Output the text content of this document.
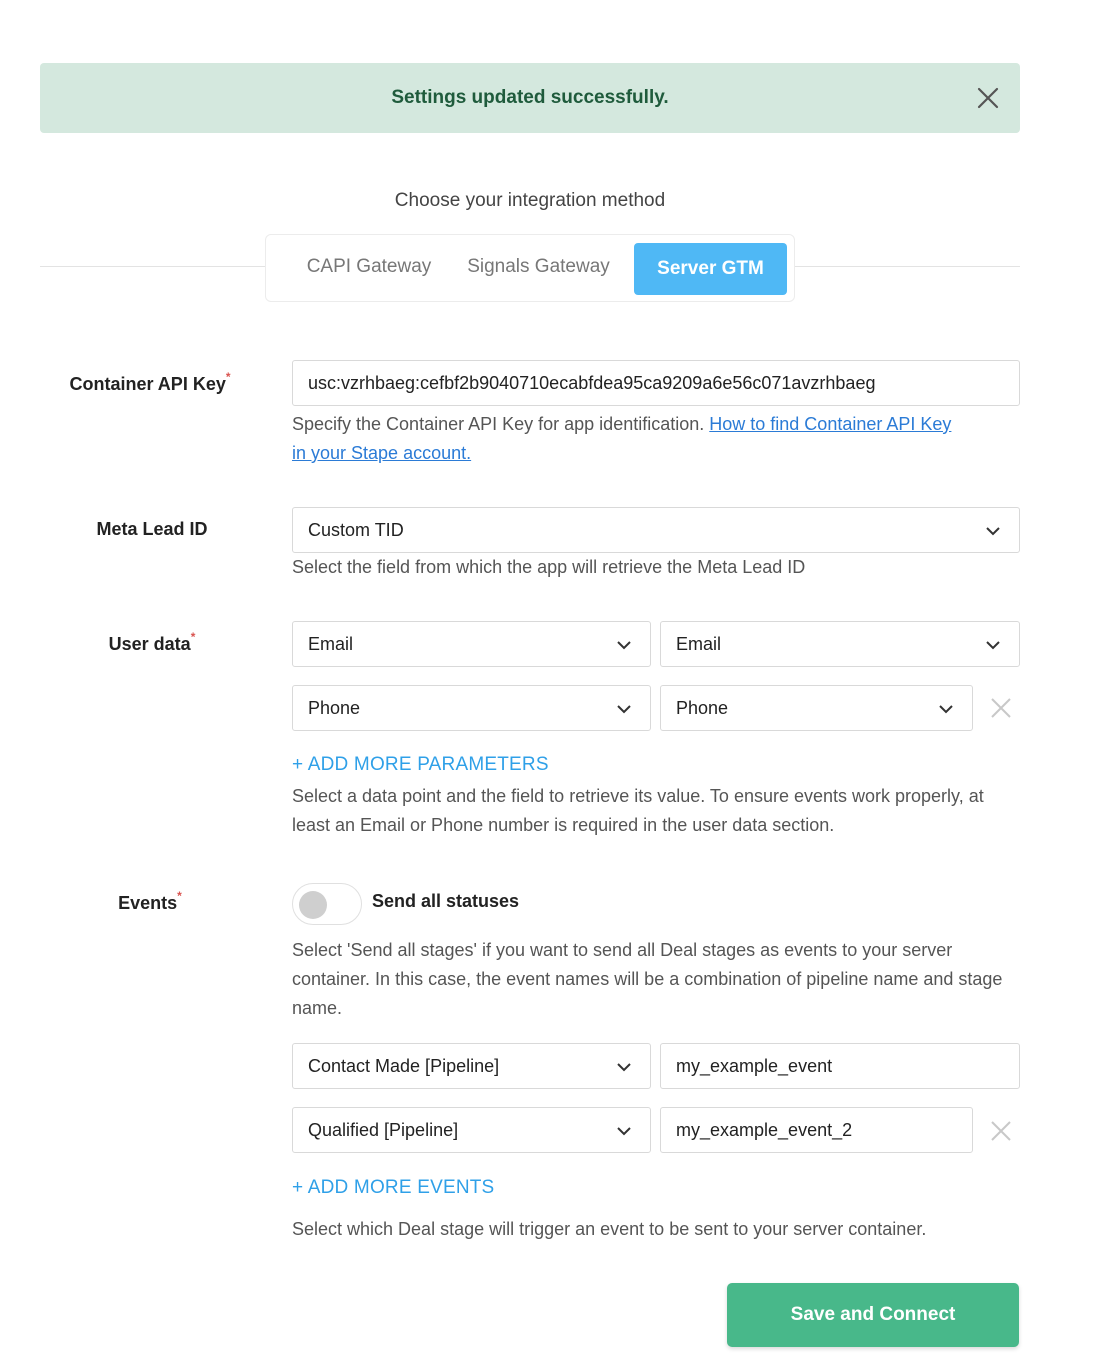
Settings updated successfully.
Choose your integration method
CAPI Gateway	Signals Gateway	Server GTM
Container API Key*	usc:vzrhbaeg:cefbf2b9040710ecabfdea95ca9209a6e56c071avzrhbaeg
Specify the Container API Key for app identification. How to find Container API Key
in your Stape account.
Meta Lead ID	Custom TID
Select the field from which the app will retrieve the Meta Lead ID
User data*	Email	Email
Phone	Phone
+ ADD MORE PARAMETERS
Select a data point and the field to retrieve its value. To ensure events work properly, at least an Email or Phone number is required in the user data section.
Events*	Send all statuses
Select 'Send all stages' if you want to send all Deal stages as events to your server container. In this case, the event names will be a combination of pipeline name and stage name.
Contact Made [Pipeline]	my_example_event
Qualified [Pipeline]	my_example_event_2
+ ADD MORE EVENTS
Select which Deal stage will trigger an event to be sent to your server container.
Save and Connect
